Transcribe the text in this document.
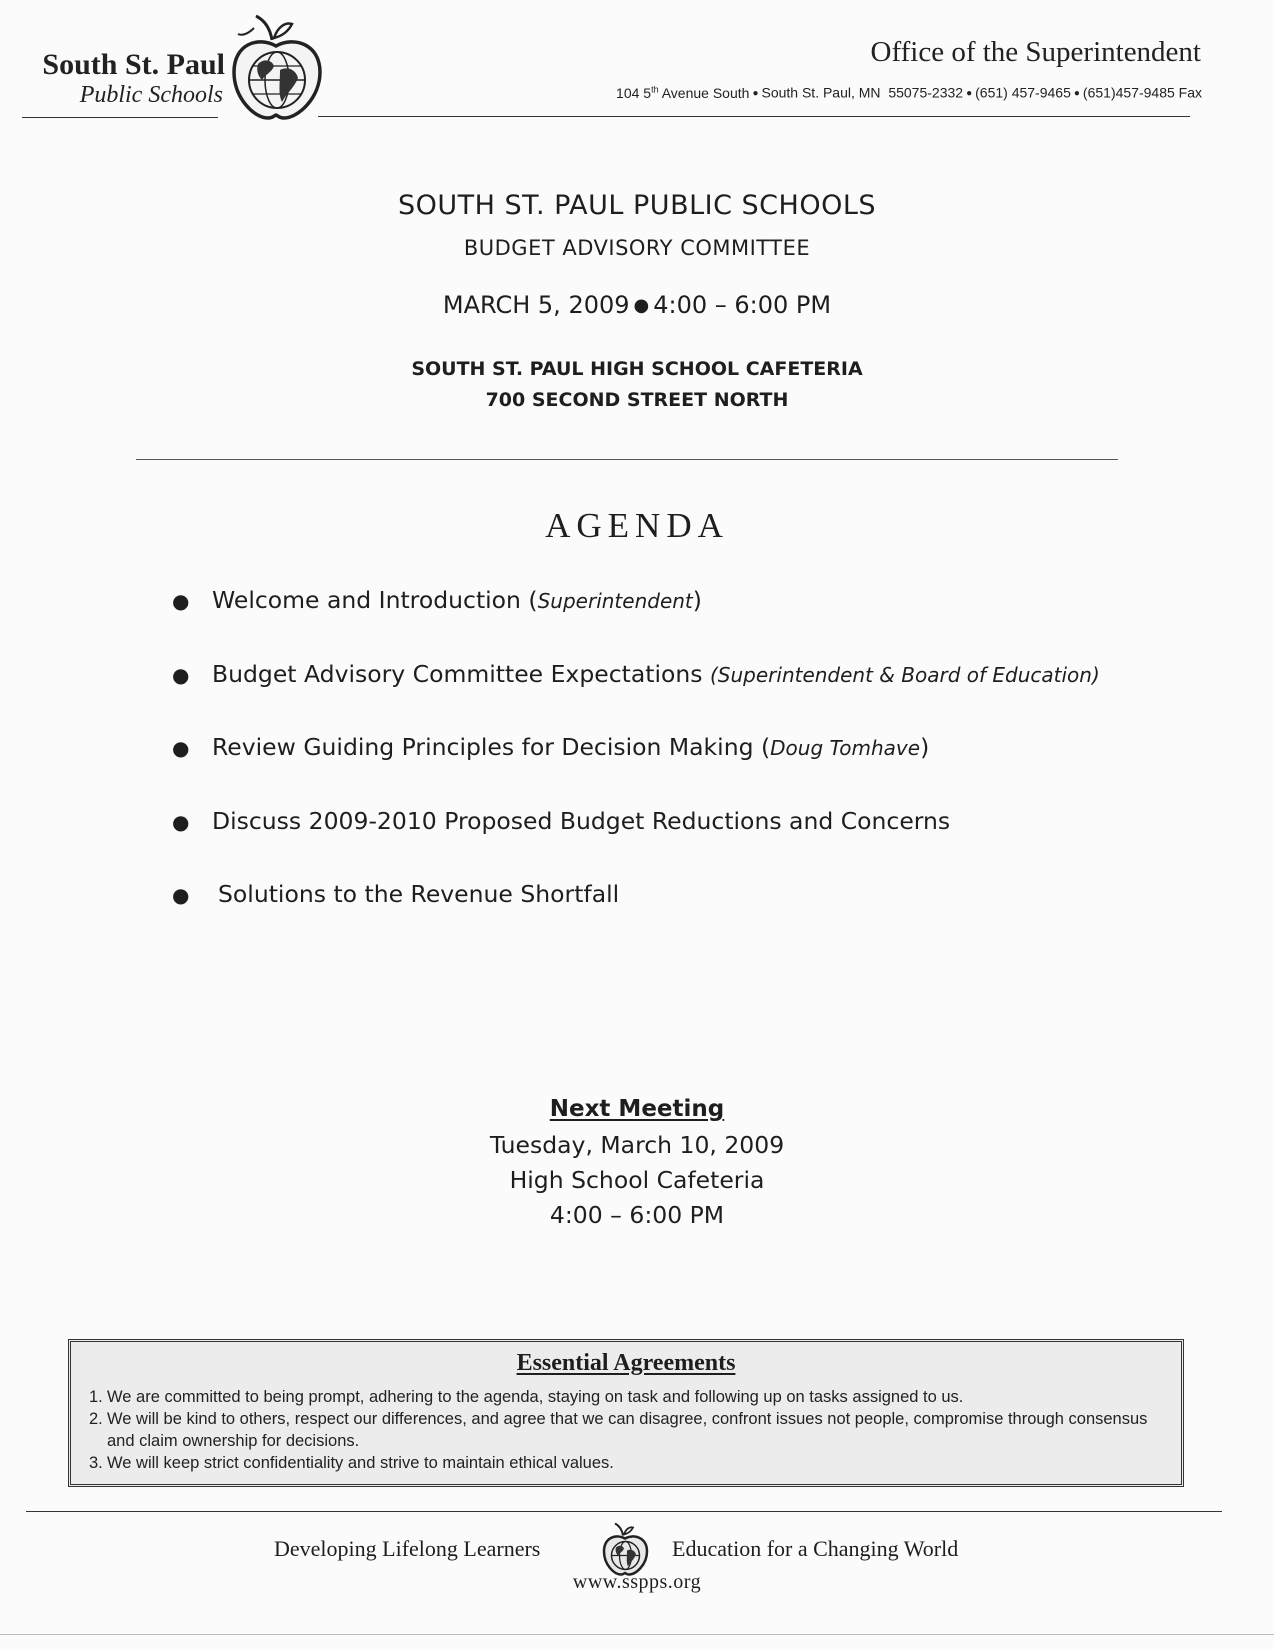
South St. Paul
Public Schools
Office of the Superintendent
104 5th Avenue South ● South St. Paul, MN 55075-2332 ● (651) 457-9465 ● (651)457-9485 Fax
SOUTH ST. PAUL PUBLIC SCHOOLS
BUDGET ADVISORY COMMITTEE
MARCH 5, 2009 ● 4:00 – 6:00 PM
SOUTH ST. PAUL HIGH SCHOOL CAFETERIA
700 SECOND STREET NORTH
AGENDA
● Welcome and Introduction (Superintendent)
● Budget Advisory Committee Expectations (Superintendent & Board of Education)
● Review Guiding Principles for Decision Making (Doug Tomhave)
● Discuss 2009-2010 Proposed Budget Reductions and Concerns
● Solutions to the Revenue Shortfall
Next Meeting
Tuesday, March 10, 2009
High School Cafeteria
4:00 – 6:00 PM
Essential Agreements
1. We are committed to being prompt, adhering to the agenda, staying on task and following up on tasks assigned to us.
2. We will be kind to others, respect our differences, and agree that we can disagree, confront issues not people, compromise through consensus and claim ownership for decisions.
3. We will keep strict confidentiality and strive to maintain ethical values.
Developing Lifelong Learners	Education for a Changing World
www.sspps.org
